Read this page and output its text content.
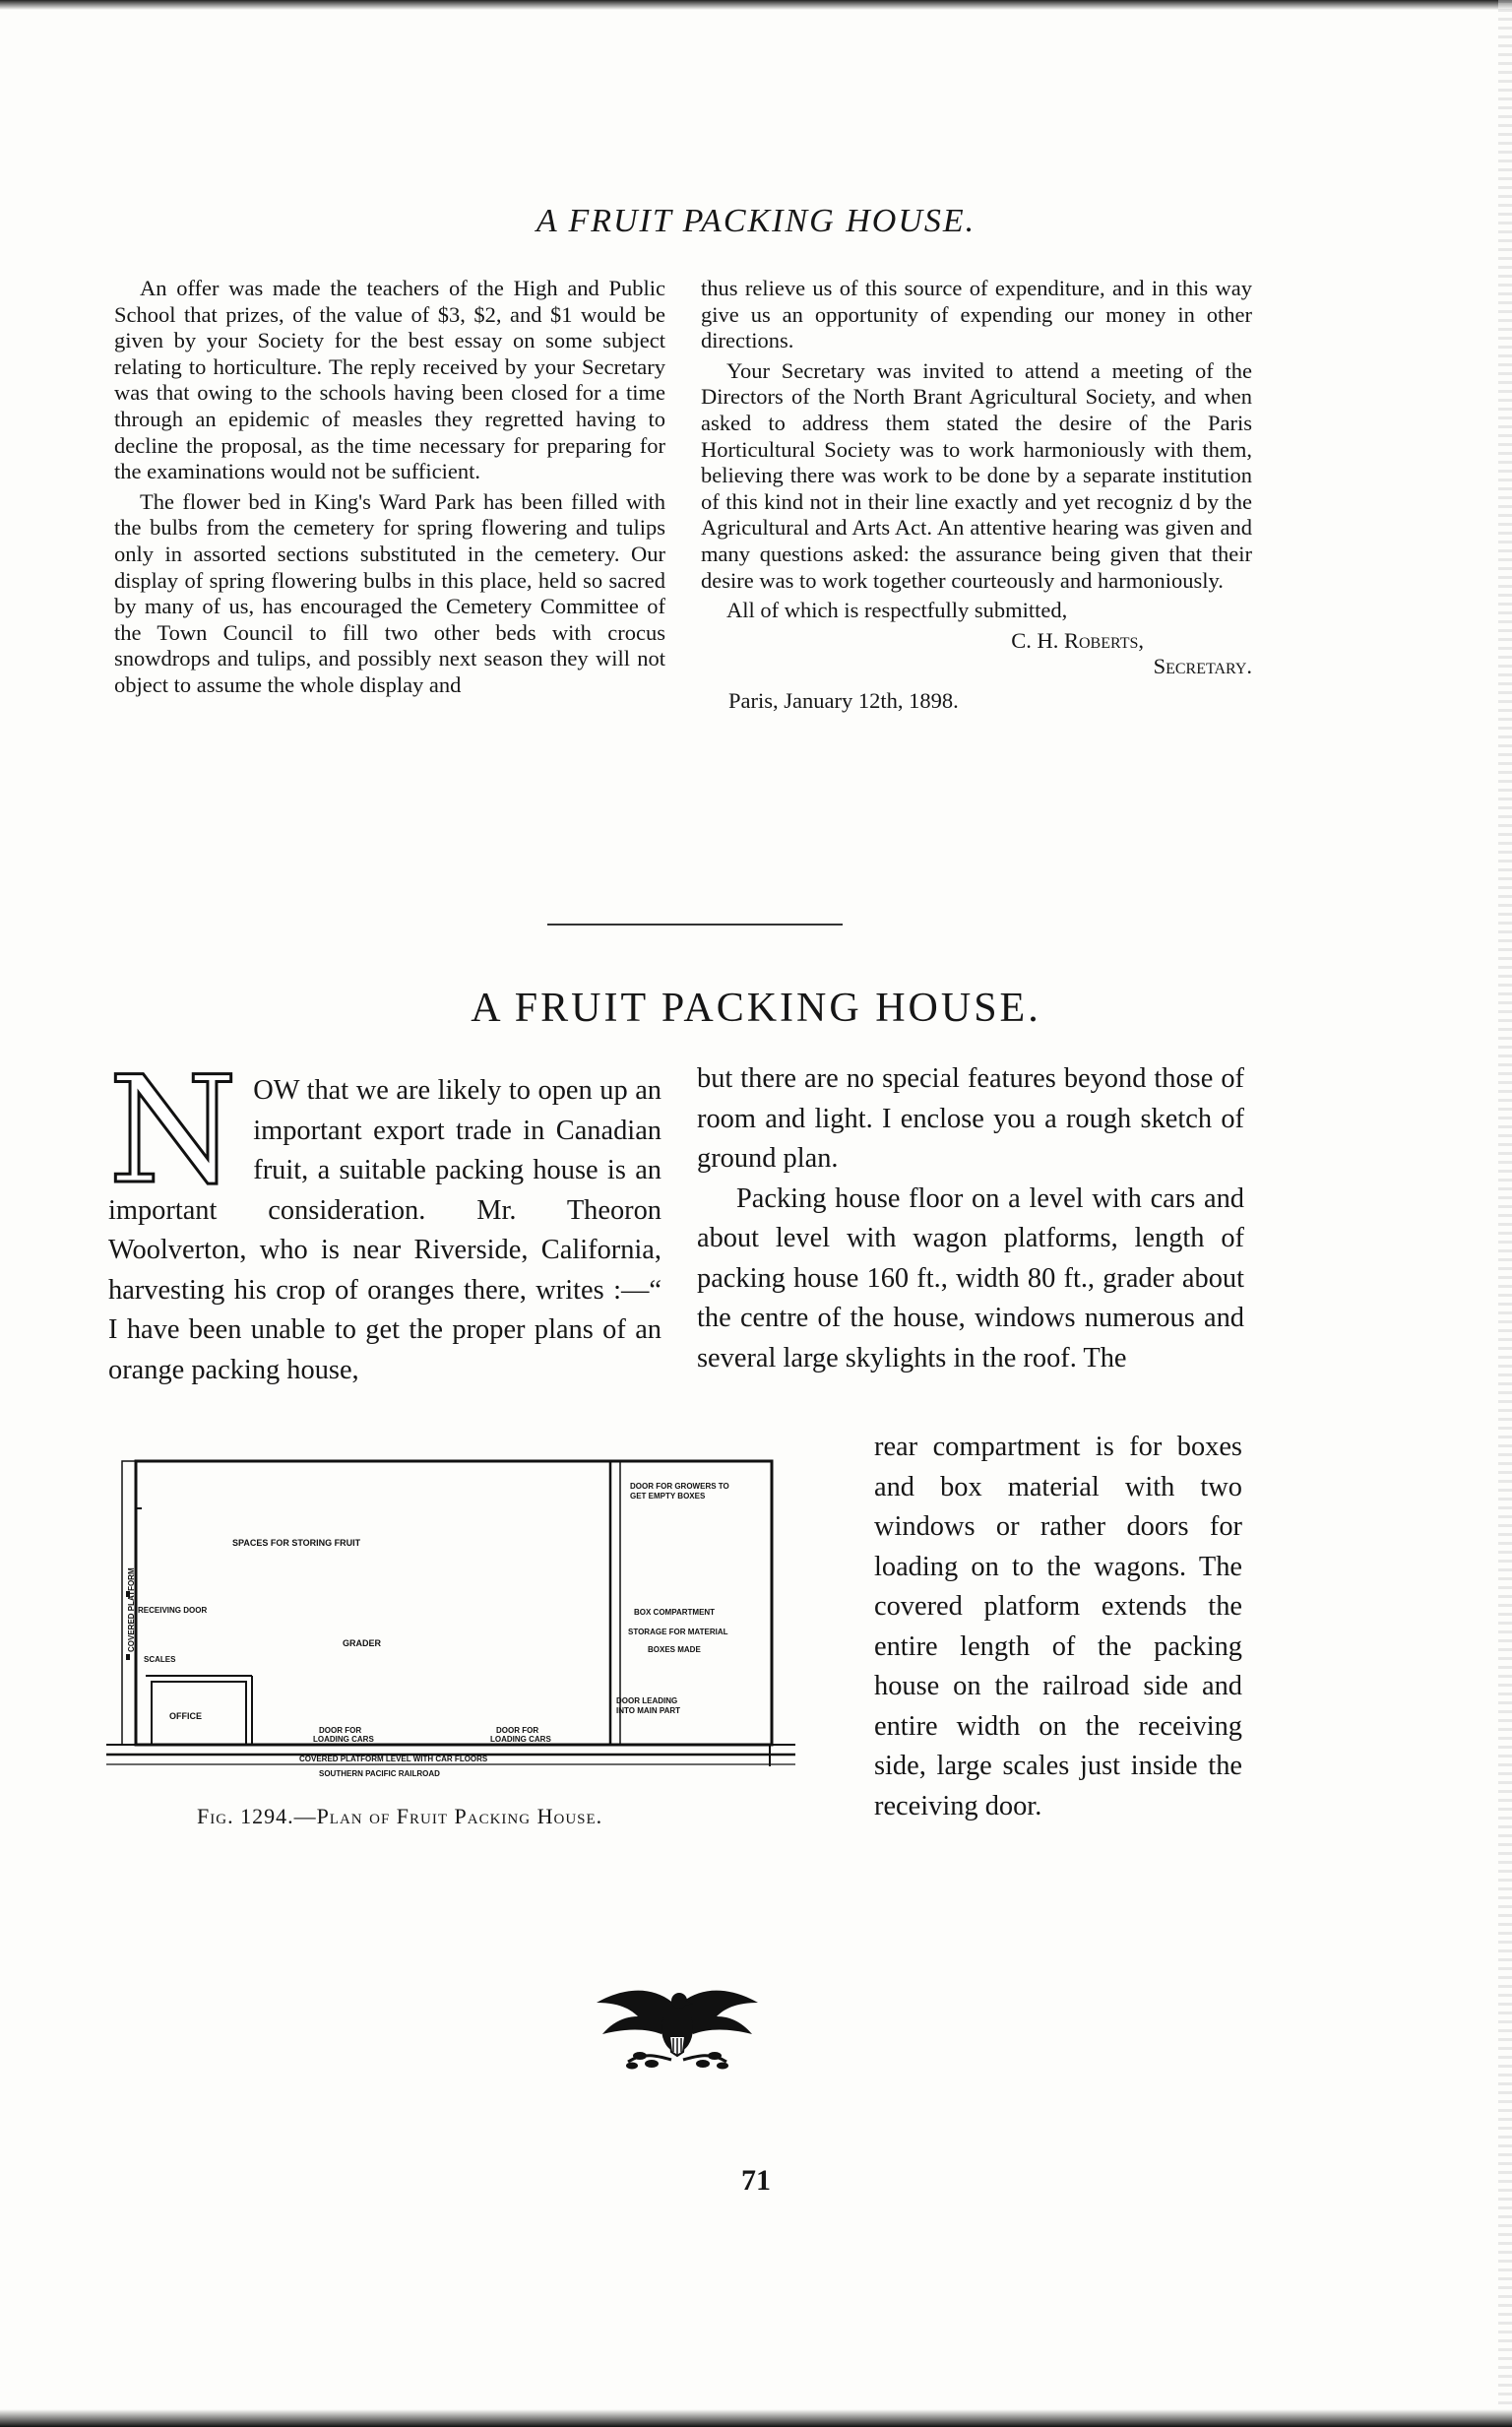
A FRUIT PACKING HOUSE.

An offer was made the teachers of the High and Public School that prizes, of the value of $3, $2, and $1 would be given by your Society for the best essay on some subject relating to horticulture. The reply received by your Secretary was that owing to the schools having been closed for a time through an epidemic of measles they regretted having to decline the proposal, as the time necessary for preparing for the examinations would not be sufficient.

The flower bed in King's Ward Park has been filled with the bulbs from the cemetery for spring flowering and tulips only in assorted sections substituted in the cemetery. Our display of spring flowering bulbs in this place, held so sacred by many of us, has encouraged the Cemetery Committee of the Town Council to fill two other beds with crocus snowdrops and tulips, and possibly next season they will not object to assume the whole display and

thus relieve us of this source of expenditure, and in this way give us an opportunity of expending our money in other directions.

Your Secretary was invited to attend a meeting of the Directors of the North Brant Agricultural Society, and when asked to address them stated the desire of the Paris Horticultural Society was to work harmoniously with them, believing there was work to be done by a separate institution of this kind not in their line exactly and yet recogniz d by the Agricultural and Arts Act. An attentive hearing was given and many questions asked: the assurance being given that their desire was to work together courteously and harmoniously.

All of which is respectfully submitted,

C. H. Roberts,
Secretary.
Paris, January 12th, 1898.
A FRUIT PACKING HOUSE.
N OW that we are likely to open up an important export trade in Canadian fruit, a suitable packing house is an important consideration. Mr. Theoron Woolverton, who is near Riverside, California, harvesting his crop of oranges there, writes :—“ I have been unable to get the proper plans of an orange packing house,

but there are no special features beyond those of room and light. I enclose you a rough sketch of ground plan.

Packing house floor on a level with cars and about level with wagon platforms, length of packing house 160 ft., width 80 ft., grader about the centre of the house, windows numerous and several large skylights in the roof. The

rear compartment is for boxes and box material with two windows or rather doors for loading on to the wagons. The covered platform extends the entire length of the packing house on the railroad side and entire width on the receiving side, large scales just inside the receiving door.

SPACES FOR STORING FRUIT
DOOR FOR GROWERS TO
GET EMPTY BOXES
RECEIVING DOOR
COVERED PLATFORM	GRADER
BOX COMPARTMENT
STORAGE FOR MATERIAL
BOXES MADE
SCALES
DOOR LEADING
INTO MAIN PART
OFFICE
DOOR FOR
LOADING CARS
DOOR FOR
LOADING CARS
COVERED PLATFORM LEVEL WITH CAR FLOORS
SOUTHERN PACIFIC RAILROAD
Fig. 1294.—Plan of Fruit Packing House.
71
